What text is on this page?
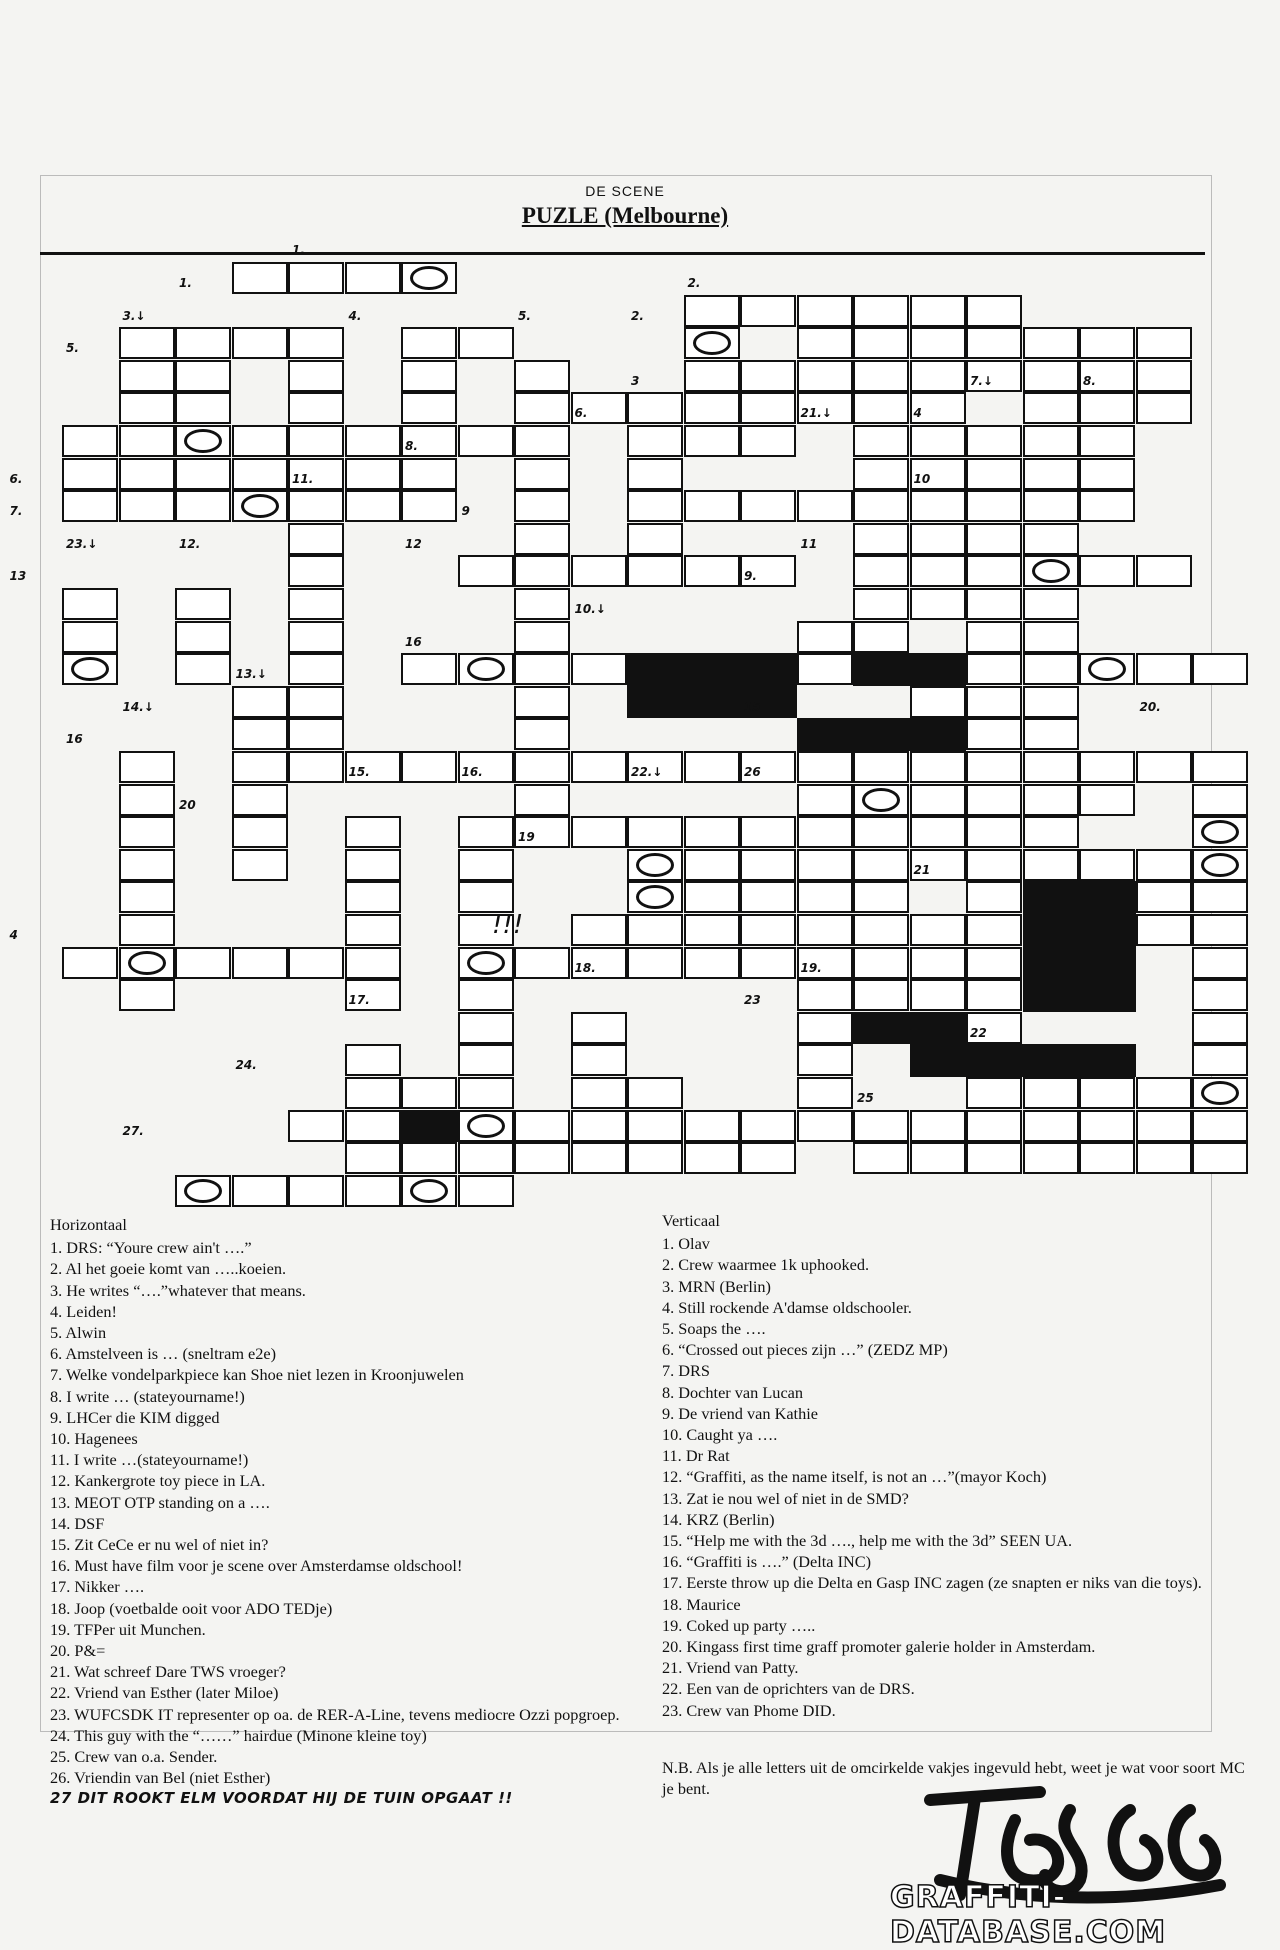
DE SCENE
PUZLE (Melbourne)
1.
1.
2.
2.
3.↓
5.
4.	5.
3	7.↓	8.
6.	21.↓	4
8.
6.	10
7.
11.
9
12	11
23.↓	12.
13	9.
10.↓
16
13.↓
14.↓	15	20.
16
26
15.	16.	22.↓
20
19
21
4
18.	19.
23
17.
22
24.
25
27.
!!!
Horizontaal
1. DRS: “Youre crew ain't ….”
2. Al het goeie komt van …..koeien.
3. He writes “….”whatever that means.
4. Leiden!
5. Alwin
6. Amstelveen is … (sneltram e2e)
7. Welke vondelparkpiece kan Shoe niet lezen in Kroonjuwelen
8. I write … (stateyourname!)
9. LHCer die KIM digged
10. Hagenees
11. I write …(stateyourname!)
12. Kankergrote toy piece in LA.
13. MEOT OTP standing on a ….
14. DSF
15. Zit CeCe er nu wel of niet in?
16. Must have film voor je scene over Amsterdamse oldschool!
17. Nikker ….
18. Joop (voetbalde ooit voor ADO TEDje)
19. TFPer uit Munchen.
20. P&=
21. Wat schreef Dare TWS vroeger?
22. Vriend van Esther (later Miloe)
23. WUFCSDK IT representer op oa. de RER-A-Line, tevens mediocre Ozzi popgroep.
24. This guy with the “……” hairdue (Minone kleine toy)
25. Crew van o.a. Sender.
26. Vriendin van Bel (niet Esther)
27 DIT ROOKT ELM VOORDAT HIJ DE TUIN OPGAAT !!
Verticaal
1. Olav
2. Crew waarmee 1k uphooked.
3. MRN (Berlin)
4. Still rockende A'damse oldschooler.
5. Soaps the ….
6. “Crossed out pieces zijn …” (ZEDZ MP)
7. DRS
8. Dochter van Lucan
9. De vriend van Kathie
10. Caught ya ….
11. Dr Rat
12. “Graffiti, as the name itself, is not an …”(mayor Koch)
13. Zat ie nou wel of niet in de SMD?
14. KRZ (Berlin)
15. “Help me with the 3d …., help me with the 3d” SEEN UA.
16. “Graffiti is ….” (Delta INC)
17. Eerste throw up die Delta en Gasp INC zagen (ze snapten er niks van die toys).
18. Maurice
19. Coked up party …..
20. Kingass first time graff promoter galerie holder in Amsterdam.
21. Vriend van Patty.
22. Een van de oprichters van de DRS.
23. Crew van Phome DID.
N.B. Als je alle letters uit de omcirkelde vakjes ingevuld hebt, weet je wat voor soort MC je bent.
GRAFFITI-DATABASE.COM
